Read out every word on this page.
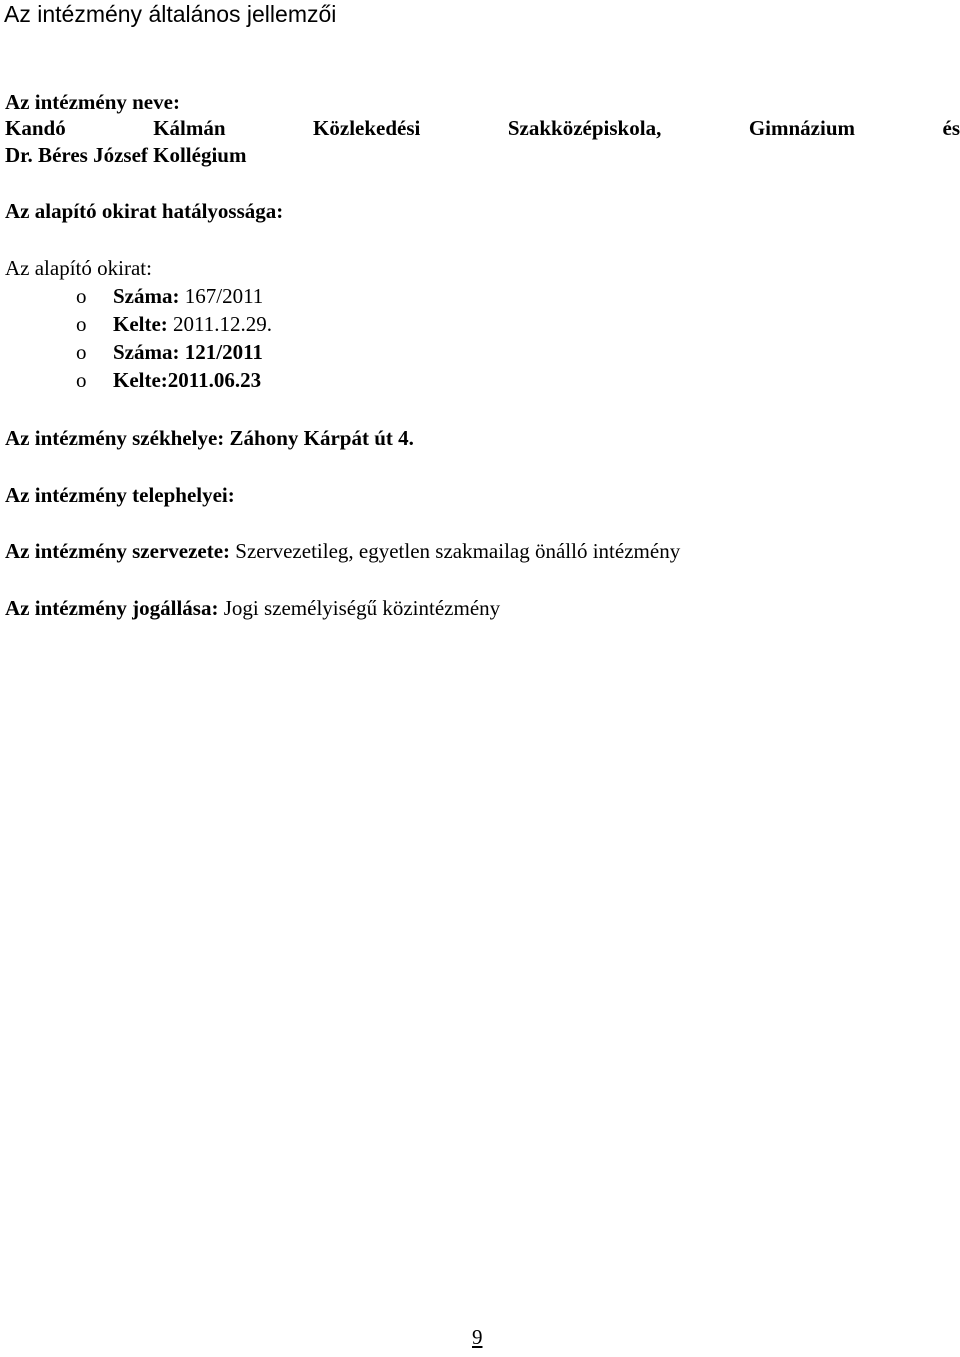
Az intézmény általános jellemzői
Az intézmény neve:
Kandó	Kálmán	Közlekedési	Szakközépiskola,	Gimnázium	és
Dr. Béres József Kollégium
Az alapító okirat hatályossága:
Az alapító okirat:
o Száma: 167/2011
o Kelte: 2011.12.29.
o Száma: 121/2011
o Kelte:2011.06.23
Az intézmény székhelye: Záhony Kárpát út 4.
Az intézmény telephelyei:
Az intézmény szervezete: Szervezetileg, egyetlen szakmailag önálló intézmény
Az intézmény jogállása: Jogi személyiségű közintézmény
9
